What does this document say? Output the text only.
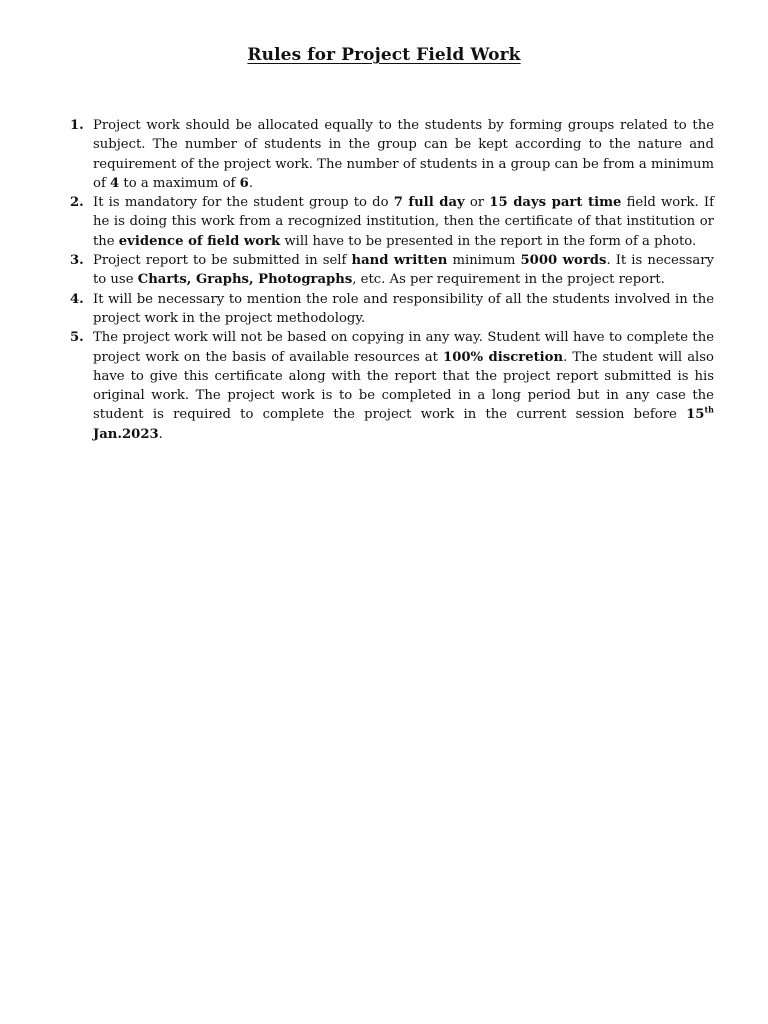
Rules for Project Field Work
1. Project work should be allocated equally to the students by forming groups related to the subject. The number of students in the group can be kept according to the nature and requirement of the project work. The number of students in a group can be from a minimum of 4 to a maximum of 6.
2. It is mandatory for the student group to do 7 full day or 15 days part time field work. If he is doing this work from a recognized institution, then the certificate of that institution or the evidence of field work will have to be presented in the report in the form of a photo.
3. Project report to be submitted in self hand written minimum 5000 words. It is necessary to use Charts, Graphs, Photographs, etc. As per requirement in the project report.
4. It will be necessary to mention the role and responsibility of all the students involved in the project work in the project methodology.
5. The project work will not be based on copying in any way. Student will have to complete the project work on the basis of available resources at 100% discretion. The student will also have to give this certificate along with the report that the project report submitted is his original work. The project work is to be completed in a long period but in any case the student is required to complete the project work in the current session before 15th Jan.2023.
